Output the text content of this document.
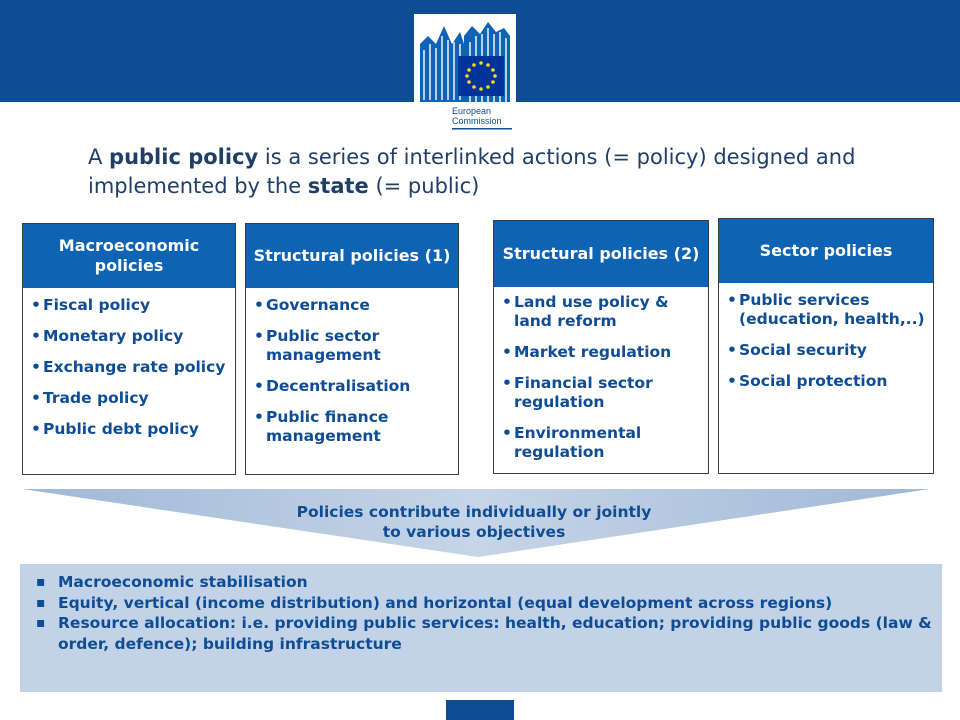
European
Commission
A public policy is a series of interlinked actions (= policy) designed and implemented by the state (= public)
Macroeconomic policies
• Fiscal policy
• Monetary policy
• Exchange rate policy
• Trade policy
• Public debt policy
Structural policies (1)
• Governance
• Public sector management
• Decentralisation
• Public finance management
Structural policies (2)
• Land use policy & land reform
• Market regulation
• Financial sector regulation
• Environmental regulation
Sector policies
• Public services (education, health,..)
• Social security
• Social protection
Policies contribute individually or jointly
to various objectives
▪ Macroeconomic stabilisation
▪ Equity, vertical (income distribution) and horizontal (equal development across regions)
▪ Resource allocation: i.e. providing public services: health, education; providing public goods (law & order, defence); building infrastructure
